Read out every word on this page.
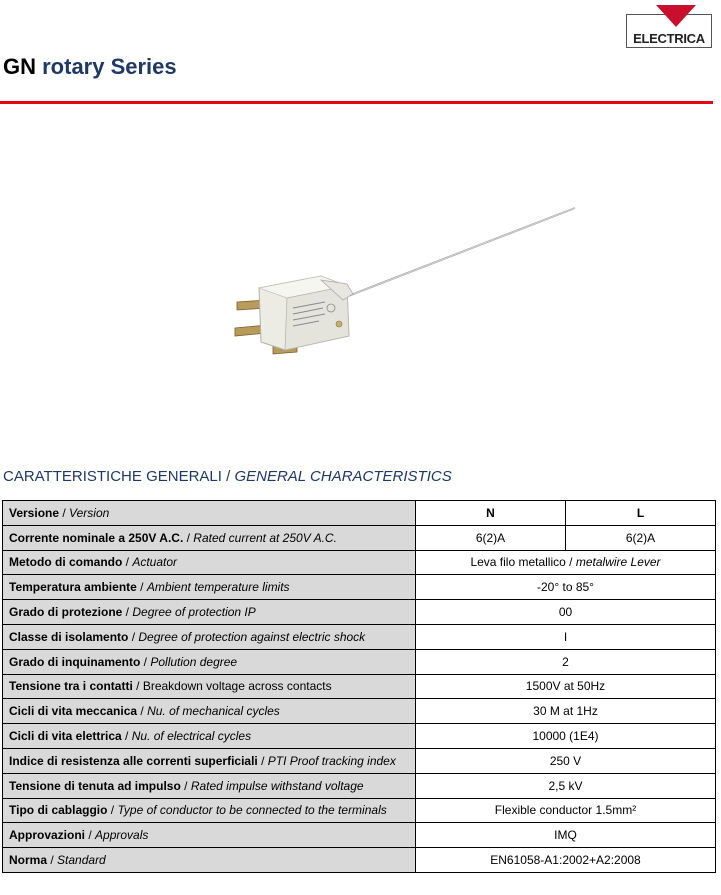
ELECTRICA
GN rotary Series
CARATTERISTICHE GENERALI / GENERAL CHARACTERISTICS
Versione / Version	N	L
Corrente nominale a 250V A.C. / Rated current at 250V A.C.	6(2)A	6(2)A
Metodo di comando / Actuator	Leva filo metallico / metalwire Lever	
Temperatura ambiente / Ambient temperature limits	-20° to 85°	
Grado di protezione / Degree of protection IP	00	
Classe di isolamento / Degree of protection against electric shock	I	
Grado di inquinamento / Pollution degree	2	
Tensione tra i contatti / Breakdown voltage across contacts	1500V at 50Hz	
Cicli di vita meccanica / Nu. of mechanical cycles	30 M at 1Hz	
Cicli di vita elettrica / Nu. of electrical cycles	10000 (1E4)	
Indice di resistenza alle correnti superficiali / PTI Proof tracking index	250 V	
Tensione di tenuta ad impulso / Rated impulse withstand voltage	2,5 kV	
Tipo di cablaggio / Type of conductor to be connected to the terminals	Flexible conductor 1.5mm²	
Approvazioni / Approvals	IMQ	
Norma / Standard	EN61058-A1:2002+A2:2008	
